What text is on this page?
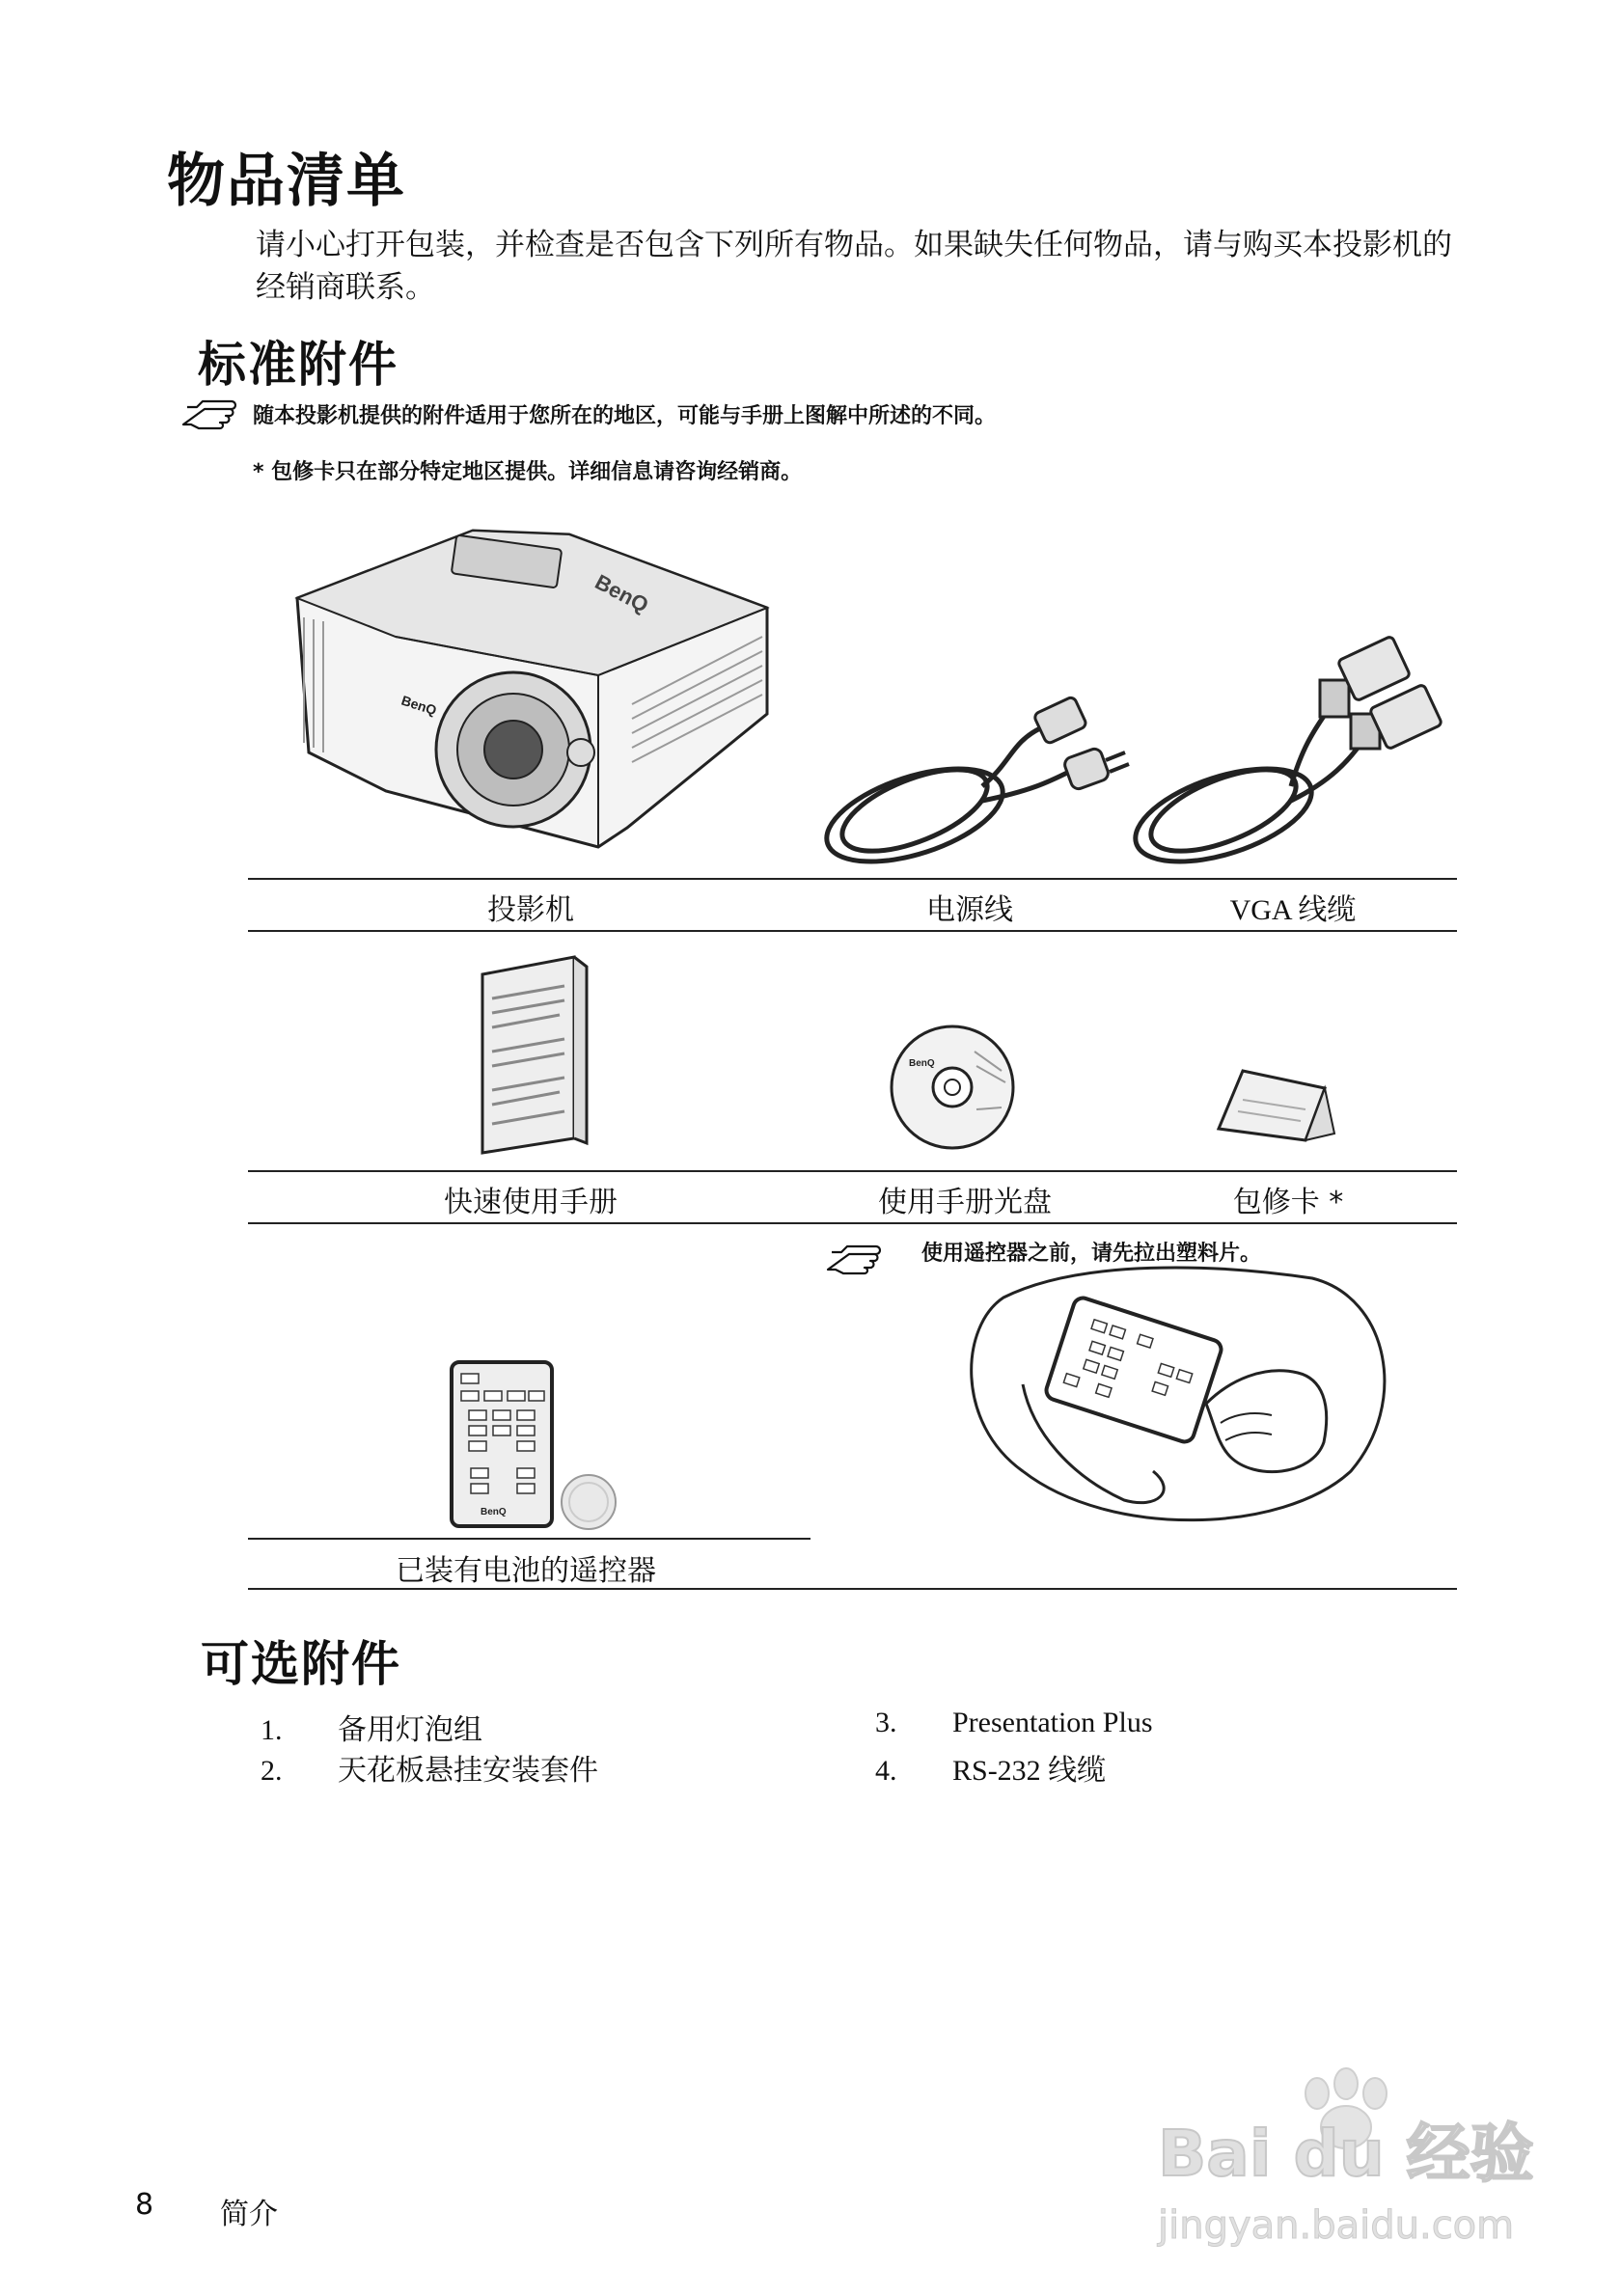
物品清单
请小心打开包装，并检查是否包含下列所有物品。如果缺失任何物品，请与购买本投影机的经销商联系。
标准附件
随本投影机提供的附件适用于您所在的地区，可能与手册上图解中所述的不同。
* 包修卡只在部分特定地区提供。详细信息请咨询经销商。
BenQ
BenQ
投影机	电源线	VGA 线缆
BenQ
快速使用手册	使用手册光盘	包修卡 *
使用遥控器之前，请先拉出塑料片。
BenQ
已装有电池的遥控器
可选附件
1. 备用灯泡组
2. 天花板悬挂安装套件
3. Presentation Plus
4. RS-232 线缆
8 简介
Bai du 经验
jingyan.baidu.com
